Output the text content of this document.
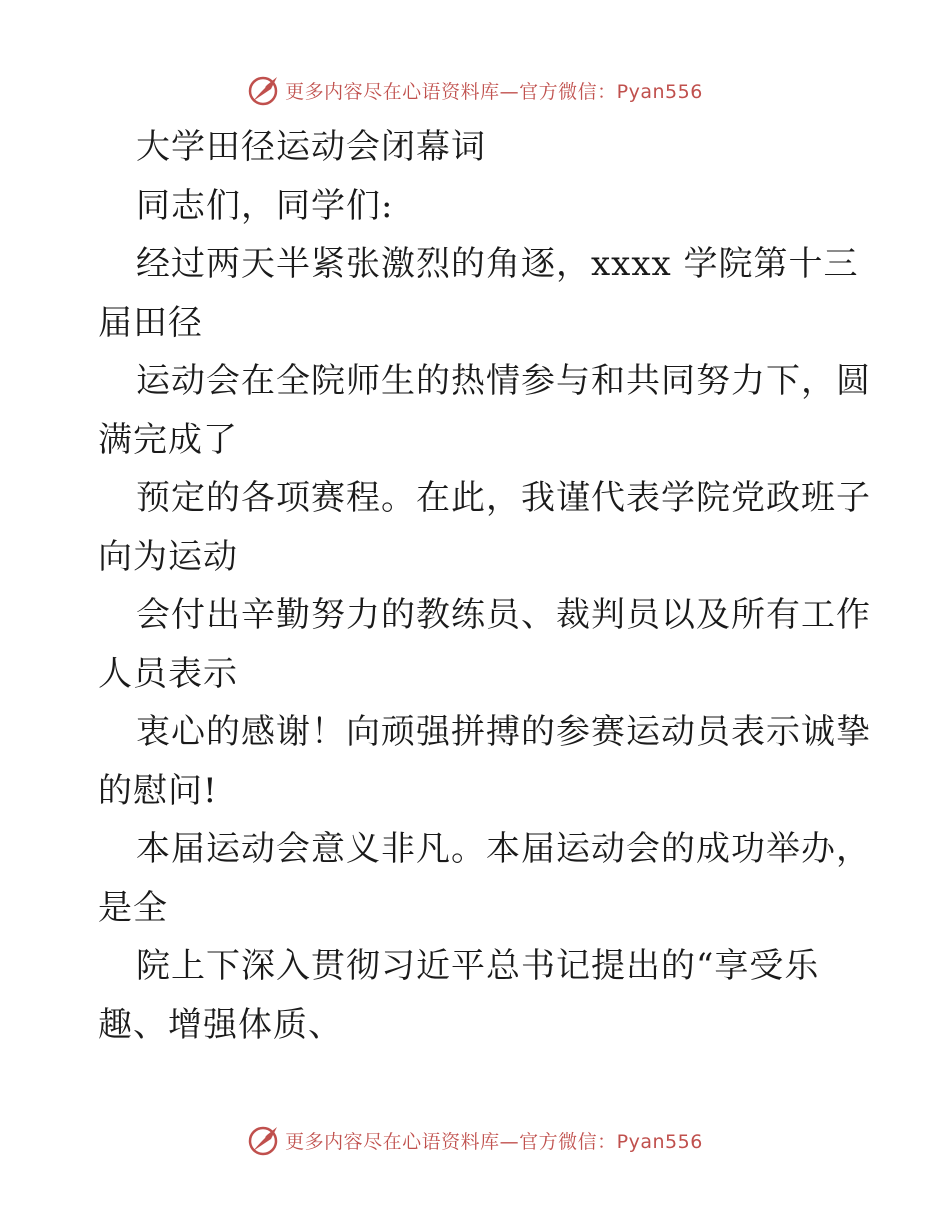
更多内容尽在心语资料库—官方微信：Pyan556
大学田径运动会闭幕词
同志们，同学们:
经过两天半紧张激烈的角逐，xxxx 学院第十三
届田径
运动会在全院师生的热情参与和共同努力下，圆
满完成了
预定的各项赛程。在此，我谨代表学院党政班子
向为运动
会付出辛勤努力的教练员、裁判员以及所有工作
人员表示
衷心的感谢！向顽强拼搏的参赛运动员表示诚挚
的慰问!
本届运动会意义非凡。本届运动会的成功举办，
是全
院上下深入贯彻习近平总书记提出的“享受乐
趣、增强体质、
更多内容尽在心语资料库—官方微信：Pyan556
